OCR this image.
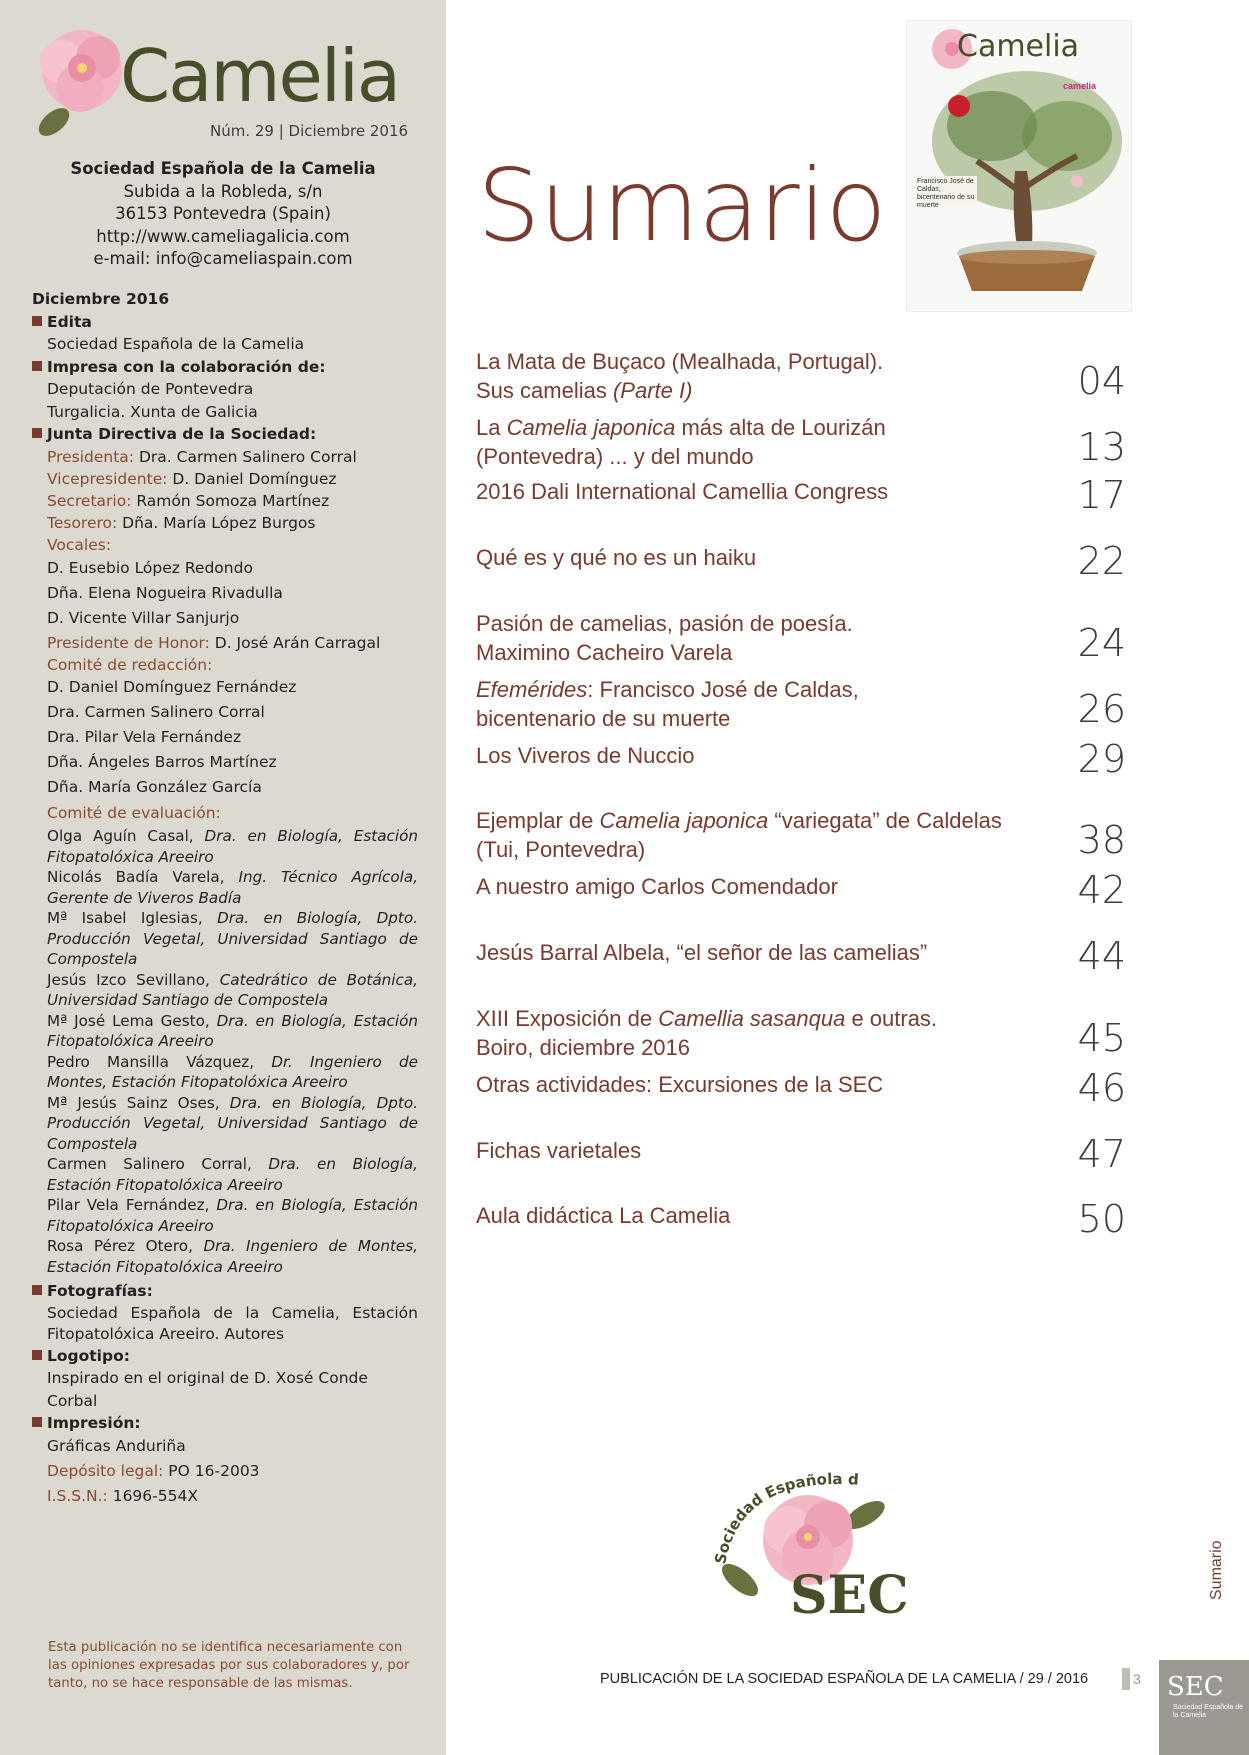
Camelia
Núm. 29 | Diciembre 2016
Sociedad Española de la Camelia
Subida a la Robleda, s/n
36153 Pontevedra (Spain)
http://www.cameliagalicia.com
e-mail: info@cameliaspain.com

Diciembre 2016

Edita

Sociedad Española de la Camelia

Impresa con la colaboración de:

Deputación de Pontevedra

Turgalicia. Xunta de Galicia

Junta Directiva de la Sociedad:

Presidenta: Dra. Carmen Salinero Corral

Vicepresidente: D. Daniel Domínguez

Secretario: Ramón Somoza Martínez

Tesorero: Dña. María López Burgos

Vocales:

D. Eusebio López Redondo

Dña. Elena Nogueira Rivadulla

D. Vicente Villar Sanjurjo

Presidente de Honor: D. José Arán Carragal

Comité de redacción:

D. Daniel Domínguez Fernández

Dra. Carmen Salinero Corral

Dra. Pilar Vela Fernández

Dña. Ángeles Barros Martínez

Dña. María González García

Comité de evaluación:

Olga Aguín Casal, Dra. en Biología, Estación Fitopatolóxica Areeiro

Nicolás Badía Varela, Ing. Técnico Agrícola, Gerente de Viveros Badía

Mª Isabel Iglesias, Dra. en Biología, Dpto. Producción Vegetal, Universidad Santiago de Compostela

Jesús Izco Sevillano, Catedrático de Botánica, Universidad Santiago de Compostela

Mª José Lema Gesto, Dra. en Biología, Estación Fitopatolóxica Areeiro

Pedro Mansilla Vázquez, Dr. Ingeniero de Montes, Estación Fitopatolóxica Areeiro

Mª Jesús Sainz Oses, Dra. en Biología, Dpto. Producción Vegetal, Universidad Santiago de Compostela

Carmen Salinero Corral, Dra. en Biología, Estación Fitopatolóxica Areeiro

Pilar Vela Fernández, Dra. en Biología, Estación Fitopatolóxica Areeiro

Rosa Pérez Otero, Dra. Ingeniero de Montes, Estación Fitopatolóxica Areeiro

Fotografías:

Sociedad Española de la Camelia, Estación Fitopatolóxica Areeiro. Autores

Logotipo:

Inspirado en el original de D. Xosé Conde Corbal

Impresión:

Gráficas Anduriña

Depósito legal: PO 16-2003

I.S.S.N.: 1696-554X

Esta publicación no se identifica necesariamente con las opiniones expresadas por sus colaboradores y, por tanto, no se hace responsable de las mismas.
Sumario
Camelia
camelia
Francisco José de Caldas, bicentenario de su muerte
La Mata de Buçaco (Mealhada, Portugal).
Sus camelias (Parte I)	04
La Camelia japonica más alta de Lourizán
(Pontevedra) ... y del mundo	13
2016 Dali International Camellia Congress	17
Qué es y qué no es un haiku	22
Pasión de camelias, pasión de poesía.
Maximino Cacheiro Varela	24
Efemérides: Francisco José de Caldas,
bicentenario de su muerte	26
Los Viveros de Nuccio	29
Ejemplar de Camelia japonica “variegata” de Caldelas
(Tui, Pontevedra)	38
A nuestro amigo Carlos Comendador	42
Jesús Barral Albela, “el señor de las camelias”	44
XIII Exposición de Camellia sasanqua e outras.
Boiro, diciembre 2016	45
Otras actividades: Excursiones de la SEC	46
Fichas varietales	47
Aula didáctica La Camelia	50
Sociedad Española d
SEC
PUBLICACIÓN DE LA SOCIEDAD ESPAÑOLA DE LA CAMELIA / 29 / 2016	3
Sumario
SEC
Sociedad Española de la Camelia
